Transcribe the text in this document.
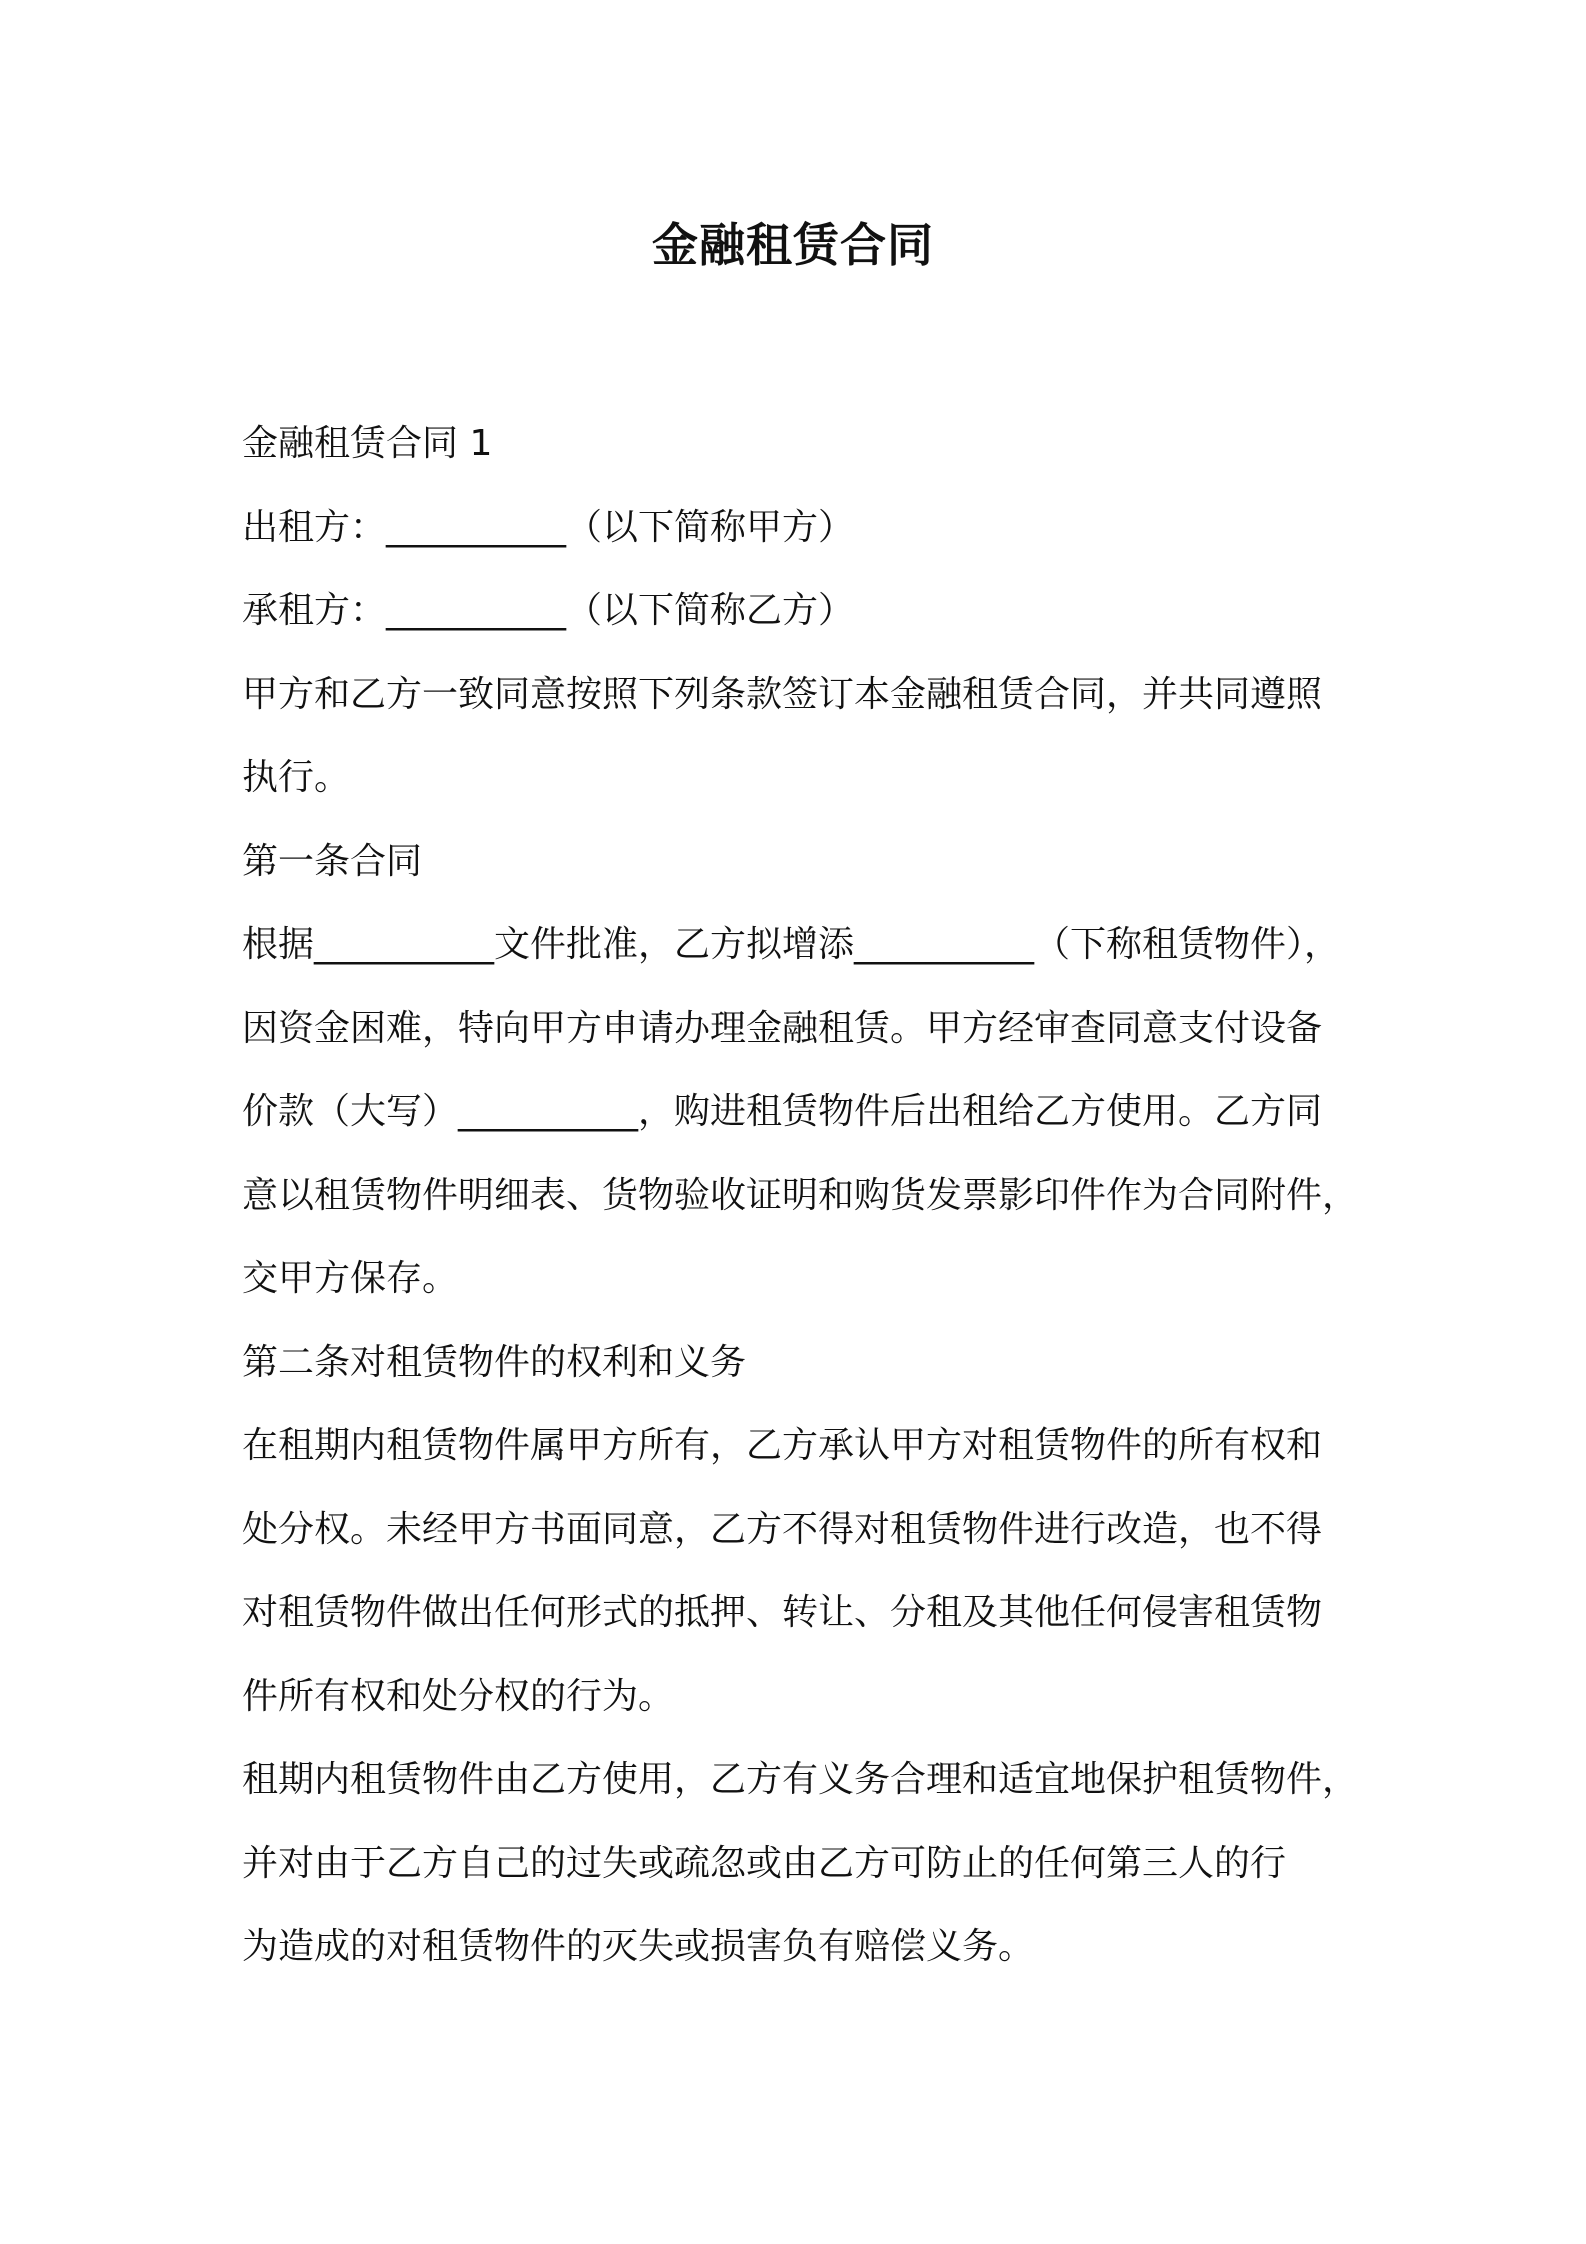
金融租赁合同
金融租赁合同 1
出租方：__________（以下简称甲方）
承租方：__________（以下简称乙方）
甲方和乙方一致同意按照下列条款签订本金融租赁合同，并共同遵照
执行。
第一条合同
根据__________文件批准，乙方拟增添__________（下称租赁物件），
因资金困难，特向甲方申请办理金融租赁。甲方经审查同意支付设备
价款（大写）__________，购进租赁物件后出租给乙方使用。乙方同
意以租赁物件明细表、货物验收证明和购货发票影印件作为合同附件，
交甲方保存。
第二条对租赁物件的权利和义务
在租期内租赁物件属甲方所有，乙方承认甲方对租赁物件的所有权和
处分权。未经甲方书面同意，乙方不得对租赁物件进行改造，也不得
对租赁物件做出任何形式的抵押、转让、分租及其他任何侵害租赁物
件所有权和处分权的行为。
租期内租赁物件由乙方使用，乙方有义务合理和适宜地保护租赁物件，
并对由于乙方自己的过失或疏忽或由乙方可防止的任何第三人的行
为造成的对租赁物件的灭失或损害负有赔偿义务。
